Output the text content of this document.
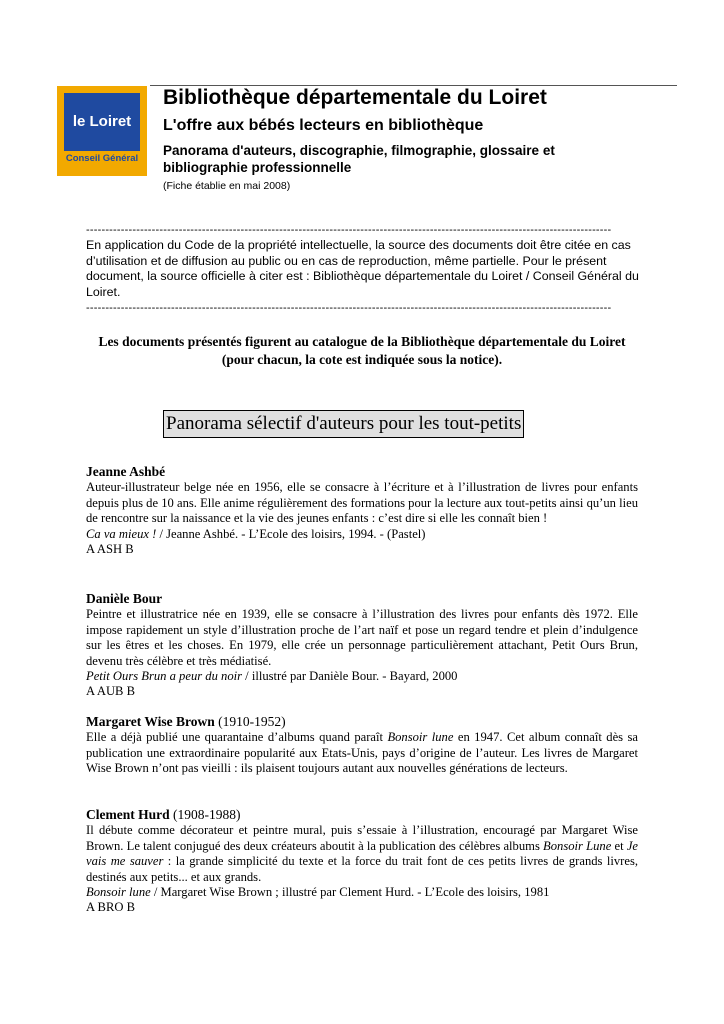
le Loiret
Conseil Général
Bibliothèque départementale du Loiret
L'offre aux bébés lecteurs en bibliothèque
Panorama d'auteurs, discographie, filmographie, glossaire et bibliographie professionnelle
(Fiche établie en mai 2008)
----------------------------------------------------------------------------------------------------------------------------------------
En application du Code de la propriété intellectuelle, la source des documents doit être citée en cas d’utilisation et de diffusion au public ou en cas de reproduction, même partielle. Pour le présent document, la source officielle à citer est : Bibliothèque départementale du Loiret / Conseil Général du Loiret.
----------------------------------------------------------------------------------------------------------------------------------------
Les documents présentés figurent au catalogue de la Bibliothèque départementale du Loiret (pour chacun, la cote est indiquée sous la notice).
Panorama sélectif d'auteurs pour les tout-petits

Jeanne Ashbé

Auteur-illustrateur belge née en 1956, elle se consacre à l’écriture et à l’illustration de livres pour enfants depuis plus de 10 ans. Elle anime régulièrement des formations pour la lecture aux tout-petits ainsi qu’un lieu de rencontre sur la naissance et la vie des jeunes enfants : c’est dire si elle les connaît bien !

Ca va mieux ! / Jeanne Ashbé. - L’Ecole des loisirs, 1994. - (Pastel)

A ASH B

Danièle Bour

Peintre et illustratrice née en 1939, elle se consacre à l’illustration des livres pour enfants dès 1972. Elle impose rapidement un style d’illustration proche de l’art naïf et pose un regard tendre et plein d’indulgence sur les êtres et les choses. En 1979, elle crée un personnage particulièrement attachant, Petit Ours Brun, devenu très célèbre et très médiatisé.

Petit Ours Brun a peur du noir / illustré par Danièle Bour. - Bayard, 2000

A AUB B

Margaret Wise Brown (1910-1952)

Elle a déjà publié une quarantaine d’albums quand paraît Bonsoir lune en 1947. Cet album connaît dès sa publication une extraordinaire popularité aux Etats-Unis, pays d’origine de l’auteur. Les livres de Margaret Wise Brown n’ont pas vieilli : ils plaisent toujours autant aux nouvelles générations de lecteurs.

Clement Hurd (1908-1988)

Il débute comme décorateur et peintre mural, puis s’essaie à l’illustration, encouragé par Margaret Wise Brown. Le talent conjugué des deux créateurs aboutit à la publication des célèbres albums Bonsoir Lune et Je vais me sauver : la grande simplicité du texte et la force du trait font de ces petits livres de grands livres, destinés aux petits... et aux grands.

Bonsoir lune / Margaret Wise Brown ; illustré par Clement Hurd. - L’Ecole des loisirs, 1981

A BRO B
